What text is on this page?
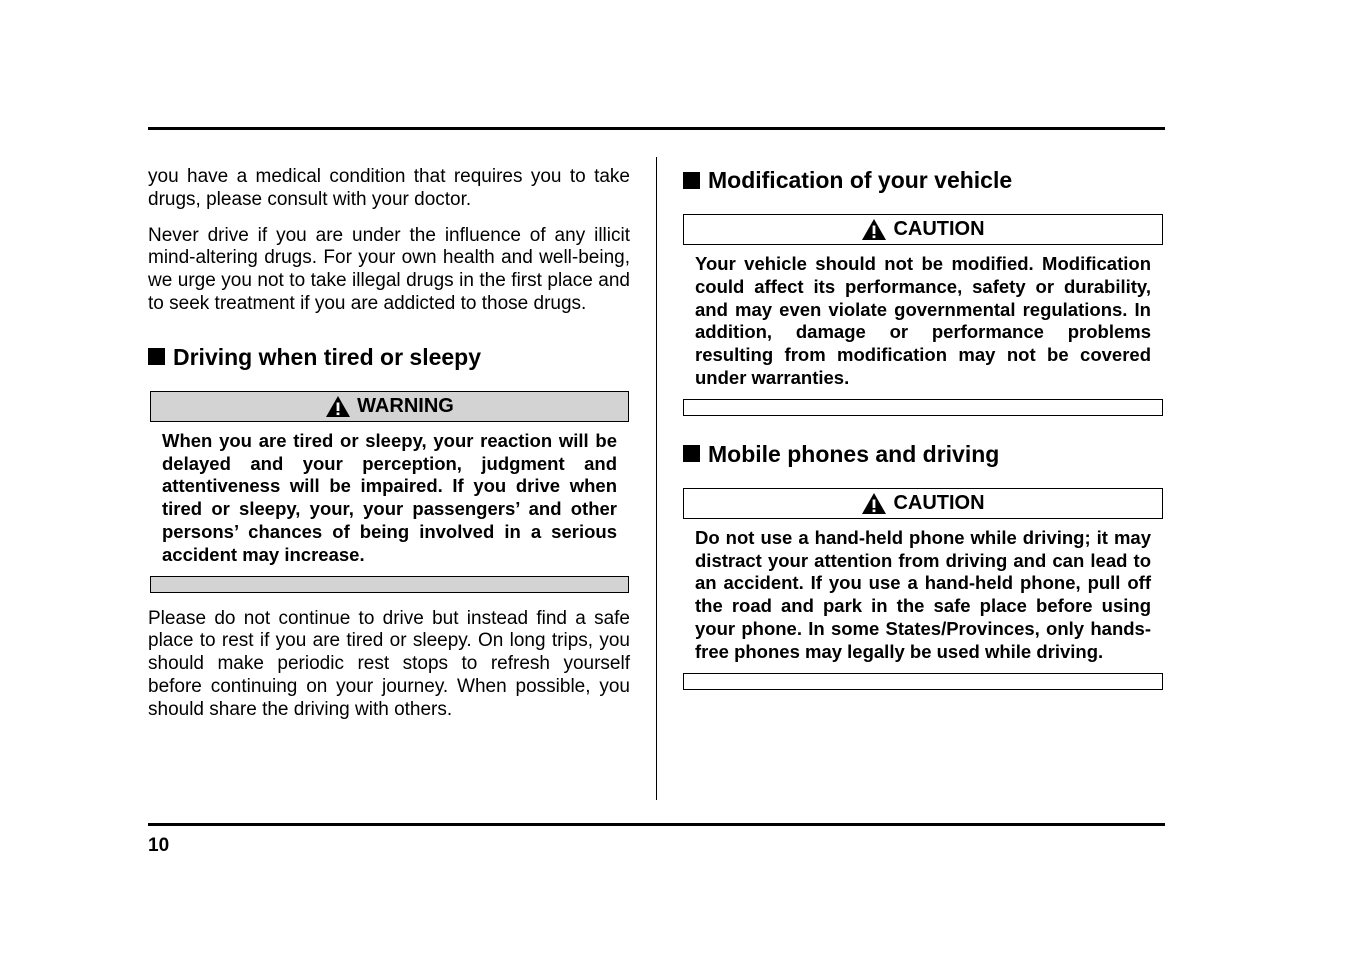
you have a medical condition that requires you to take drugs, please consult with your doctor.

Never drive if you are under the influence of any illicit mind-altering drugs. For your own health and well-being, we urge you not to take illegal drugs in the first place and to seek treatment if you are addicted to those drugs.

Driving when tired or sleepy
WARNING

When you are tired or sleepy, your reaction will be delayed and your perception, judgment and attentiveness will be impaired. If you drive when tired or sleepy, your, your passengers’ and other persons’ chances of being involved in a serious accident may increase.

Please do not continue to drive but instead find a safe place to rest if you are tired or sleepy. On long trips, you should make periodic rest stops to refresh yourself before continuing on your journey. When possible, you should share the driving with others.

Modification of your vehicle
CAUTION

Your vehicle should not be modified. Modification could affect its performance, safety or durability, and may even violate governmental regulations. In addition, damage or performance problems resulting from modification may not be covered under warranties.

Mobile phones and driving
CAUTION

Do not use a hand-held phone while driving; it may distract your attention from driving and can lead to an accident. If you use a hand-held phone, pull off the road and park in the safe place before using your phone. In some States/Provinces, only hands-free phones may legally be used while driving.

10
